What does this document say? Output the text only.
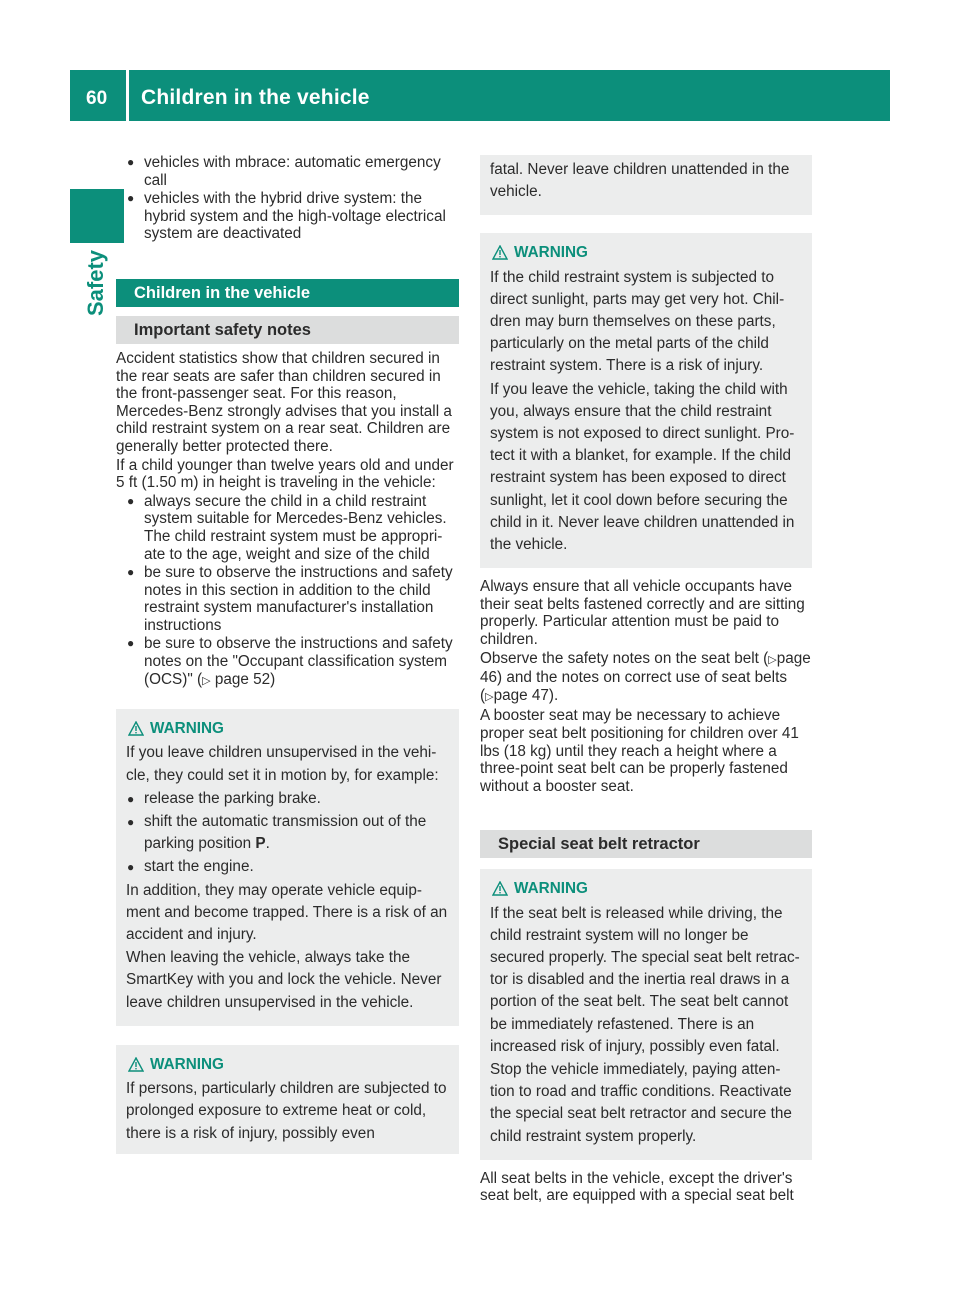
60 Children in the vehicle
Safety
● vehicles with mbrace: automatic emergency call
● vehicles with the hybrid drive system: the hybrid system and the high-voltage electrical system are deactivated
Children in the vehicle
Important safety notes

Accident statistics show that children secured in the rear seats are safer than children secured in the front-passenger seat. For this reason, Mercedes-Benz strongly advises that you install a child restraint system on a rear seat. Children are generally better protected there.

If a child younger than twelve years old and under 5 ft (1.50 m) in height is traveling in the vehicle:

● always secure the child in a child restraint system suitable for Mercedes-Benz vehicles. The child restraint system must be appropri- ate to the age, weight and size of the child
● be sure to observe the instructions and safety notes in this section in addition to the child restraint system manufacturer's installation instructions
● be sure to observe the instructions and safety notes on the "Occupant classification system (OCS)" (▷ page 52)
WARNING

If you leave children unsupervised in the vehi- cle, they could set it in motion by, for example:

● release the parking brake.
● shift the automatic transmission out of the parking position P.
● start the engine.

In addition, they may operate vehicle equip- ment and become trapped. There is a risk of an accident and injury.

When leaving the vehicle, always take the SmartKey with you and lock the vehicle. Never leave children unsupervised in the vehicle.

WARNING

If persons, particularly children are subjected to prolonged exposure to extreme heat or cold, there is a risk of injury, possibly even

fatal. Never leave children unattended in the vehicle.

WARNING

If the child restraint system is subjected to direct sunlight, parts may get very hot. Chil- dren may burn themselves on these parts, particularly on the metal parts of the child restraint system. There is a risk of injury.

If you leave the vehicle, taking the child with you, always ensure that the child restraint system is not exposed to direct sunlight. Pro- tect it with a blanket, for example. If the child restraint system has been exposed to direct sunlight, let it cool down before securing the child in it. Never leave children unattended in the vehicle.

Always ensure that all vehicle occupants have their seat belts fastened correctly and are sitting properly. Particular attention must be paid to children.

Observe the safety notes on the seat belt (▷page 46) and the notes on correct use of seat belts (▷page 47).

A booster seat may be necessary to achieve proper seat belt positioning for children over 41 lbs (18 kg) until they reach a height where a three-point seat belt can be properly fastened without a booster seat.

Special seat belt retractor
WARNING

If the seat belt is released while driving, the child restraint system will no longer be secured properly. The special seat belt retrac- tor is disabled and the inertia real draws in a portion of the seat belt. The seat belt cannot be immediately refastened. There is an increased risk of injury, possibly even fatal.

Stop the vehicle immediately, paying atten- tion to road and traffic conditions. Reactivate the special seat belt retractor and secure the child restraint system properly.

All seat belts in the vehicle, except the driver's seat belt, are equipped with a special seat belt
